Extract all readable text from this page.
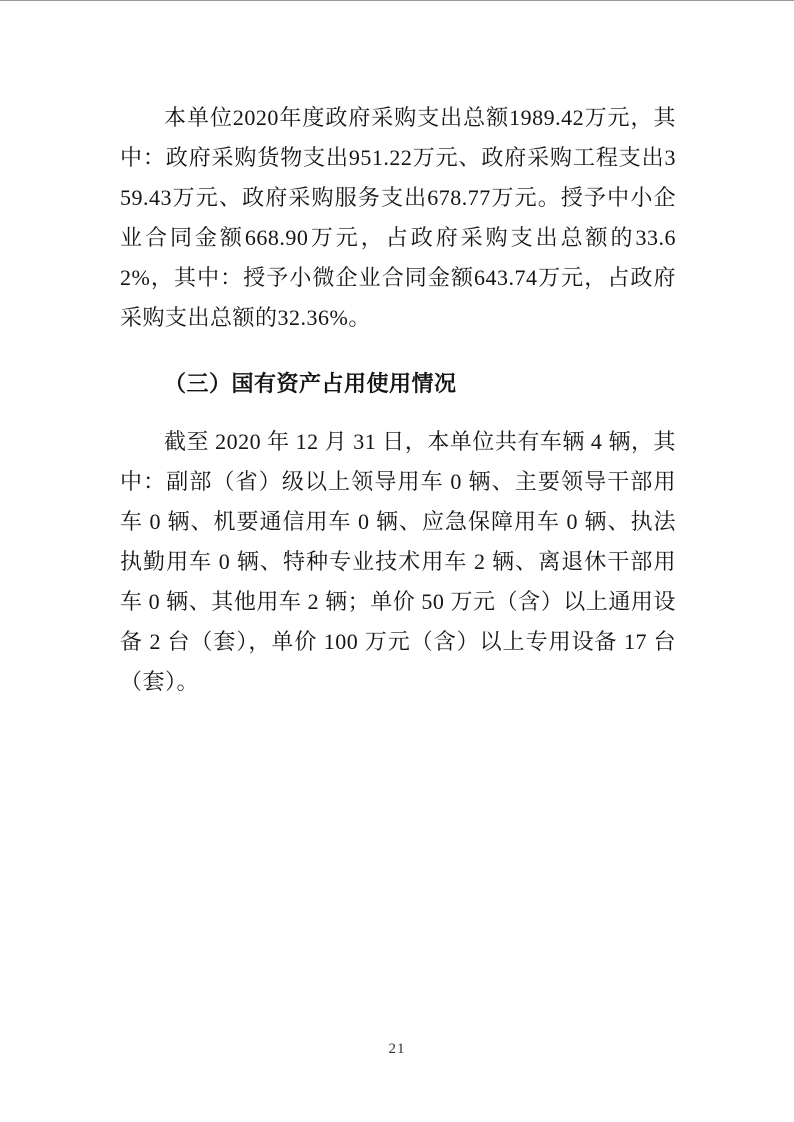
本单位2020年度政府采购支出总额1989.42万元，其中：政府采购货物支出951.22万元、政府采购工程支出359.43万元、政府采购服务支出678.77万元。授予中小企业合同金额668.90万元，占政府采购支出总额的33.62%，其中：授予小微企业合同金额643.74万元，占政府采购支出总额的32.36%。

（三）国有资产占用使用情况

截至 2020 年 12 月 31 日，本单位共有车辆 4 辆，其中：副部（省）级以上领导用车 0 辆、主要领导干部用车 0 辆、机要通信用车 0 辆、应急保障用车 0 辆、执法执勤用车 0 辆、特种专业技术用车 2 辆、离退休干部用车 0 辆、其他用车 2 辆；单价 50 万元（含）以上通用设备 2 台（套），单价 100 万元（含）以上专用设备 17 台（套）。

21
